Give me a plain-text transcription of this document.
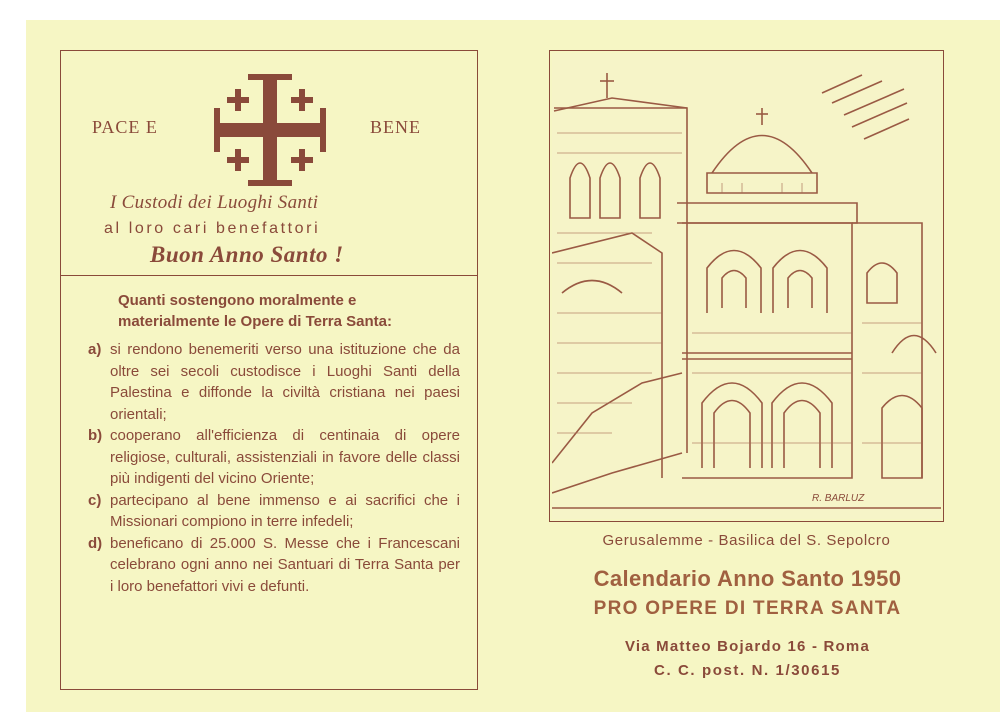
PACE E	BENE
I Custodi dei Luoghi Santi
al loro cari benefattori
Buon Anno Santo !
Quanti sostengono moralmente e materialmente le Opere di Terra Santa:
a) si rendono benemeriti verso una istituzione che da oltre sei secoli custodisce i Luoghi Santi della Palestina e diffonde la civiltà cristiana nei paesi orientali;
b) cooperano all'efficienza di centinaia di opere religiose, culturali, assistenziali in favore delle classi più indigenti del vicino Oriente;
c) partecipano al bene immenso e ai sacrifici che i Missionari compiono in terre infedeli;
d) beneficano di 25.000 S. Messe che i Francescani celebrano ogni anno nei Santuari di Terra Santa per i loro benefattori vivi e defunti.
R. BARLUZ
Gerusalemme - Basilica del S. Sepolcro
Calendario Anno Santo 1950
PRO OPERE DI TERRA SANTA
Via Matteo Bojardo 16 - Roma
C. C. post. N. 1/30615
